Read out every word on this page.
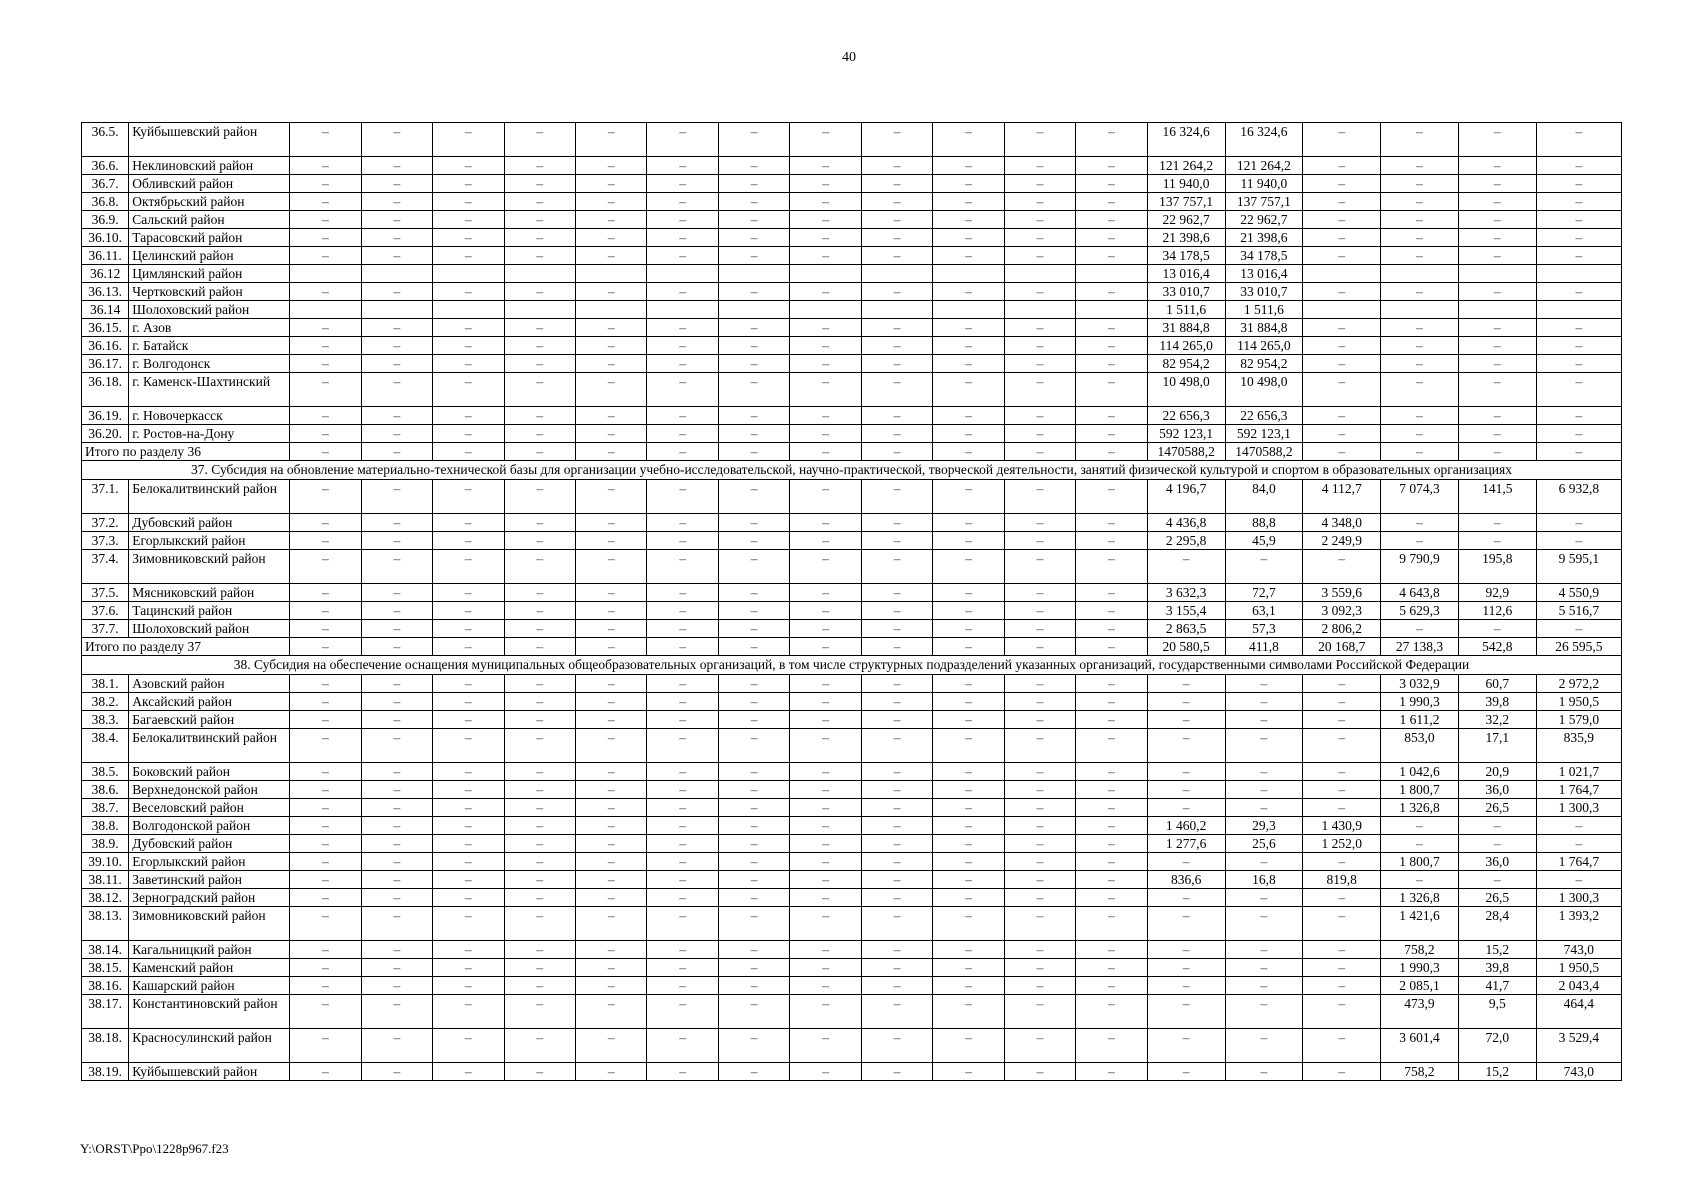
40
36.5.	Куйбышевский район	–	–	–	–	–	–	–	–	–	–	–	–	16 324,6	16 324,6	–	–	–	–
36.6.	Неклиновский район	–	–	–	–	–	–	–	–	–	–	–	–	121 264,2	121 264,2	–	–	–	–
36.7.	Обливский район	–	–	–	–	–	–	–	–	–	–	–	–	11 940,0	11 940,0	–	–	–	–
36.8.	Октябрьский район	–	–	–	–	–	–	–	–	–	–	–	–	137 757,1	137 757,1	–	–	–	–
36.9.	Сальский район	–	–	–	–	–	–	–	–	–	–	–	–	22 962,7	22 962,7	–	–	–	–
36.10.	Тарасовский район	–	–	–	–	–	–	–	–	–	–	–	–	21 398,6	21 398,6	–	–	–	–
36.11.	Целинский район	–	–	–	–	–	–	–	–	–	–	–	–	34 178,5	34 178,5	–	–	–	–
36.12	Цимлянский район													13 016,4	13 016,4				
36.13.	Чертковский район	–	–	–	–	–	–	–	–	–	–	–	–	33 010,7	33 010,7	–	–	–	–
36.14	Шолоховский район													1 511,6	1 511,6				
36.15.	г. Азов	–	–	–	–	–	–	–	–	–	–	–	–	31 884,8	31 884,8	–	–	–	–
36.16.	г. Батайск	–	–	–	–	–	–	–	–	–	–	–	–	114 265,0	114 265,0	–	–	–	–
36.17.	г. Волгодонск	–	–	–	–	–	–	–	–	–	–	–	–	82 954,2	82 954,2	–	–	–	–
36.18.	г. Каменск-Шахтинский	–	–	–	–	–	–	–	–	–	–	–	–	10 498,0	10 498,0	–	–	–	–
36.19.	г. Новочеркасск	–	–	–	–	–	–	–	–	–	–	–	–	22 656,3	22 656,3	–	–	–	–
36.20.	г. Ростов-на-Дону	–	–	–	–	–	–	–	–	–	–	–	–	592 123,1	592 123,1	–	–	–	–
Итого по разделу 36		–	–	–	–	–	–	–	–	–	–	–	–	1470588,2	1470588,2	–	–	–	–
37. Субсидия на обновление материально-технической базы для организации учебно-исследовательской, научно-практической, творческой деятельности, занятий физической культурой и спортом в образовательных организациях																			
37.1.	Белокалитвинский район	–	–	–	–	–	–	–	–	–	–	–	–	4 196,7	84,0	4 112,7	7 074,3	141,5	6 932,8
37.2.	Дубовский район	–	–	–	–	–	–	–	–	–	–	–	–	4 436,8	88,8	4 348,0	–	–	–
37.3.	Егорлыкский район	–	–	–	–	–	–	–	–	–	–	–	–	2 295,8	45,9	2 249,9	–	–	–
37.4.	Зимовниковский район	–	–	–	–	–	–	–	–	–	–	–	–	–	–	–	9 790,9	195,8	9 595,1
37.5.	Мясниковский район	–	–	–	–	–	–	–	–	–	–	–	–	3 632,3	72,7	3 559,6	4 643,8	92,9	4 550,9
37.6.	Тацинский район	–	–	–	–	–	–	–	–	–	–	–	–	3 155,4	63,1	3 092,3	5 629,3	112,6	5 516,7
37.7.	Шолоховский район	–	–	–	–	–	–	–	–	–	–	–	–	2 863,5	57,3	2 806,2	–	–	–
Итого по разделу 37		–	–	–	–	–	–	–	–	–	–	–	–	20 580,5	411,8	20 168,7	27 138,3	542,8	26 595,5
38. Субсидия на обеспечение оснащения муниципальных общеобразовательных организаций, в том числе структурных подразделений указанных организаций, государственными символами Российской Федерации																			
38.1.	Азовский район	–	–	–	–	–	–	–	–	–	–	–	–	–	–	–	3 032,9	60,7	2 972,2
38.2.	Аксайский район	–	–	–	–	–	–	–	–	–	–	–	–	–	–	–	1 990,3	39,8	1 950,5
38.3.	Багаевский район	–	–	–	–	–	–	–	–	–	–	–	–	–	–	–	1 611,2	32,2	1 579,0
38.4.	Белокалитвинский район	–	–	–	–	–	–	–	–	–	–	–	–	–	–	–	853,0	17,1	835,9
38.5.	Боковский район	–	–	–	–	–	–	–	–	–	–	–	–	–	–	–	1 042,6	20,9	1 021,7
38.6.	Верхнедонской район	–	–	–	–	–	–	–	–	–	–	–	–	–	–	–	1 800,7	36,0	1 764,7
38.7.	Веселовский район	–	–	–	–	–	–	–	–	–	–	–	–	–	–	–	1 326,8	26,5	1 300,3
38.8.	Волгодонской район	–	–	–	–	–	–	–	–	–	–	–	–	1 460,2	29,3	1 430,9	–	–	–
38.9.	Дубовский район	–	–	–	–	–	–	–	–	–	–	–	–	1 277,6	25,6	1 252,0	–	–	–
39.10.	Егорлыкский район	–	–	–	–	–	–	–	–	–	–	–	–	–	–	–	1 800,7	36,0	1 764,7
38.11.	Заветинский район	–	–	–	–	–	–	–	–	–	–	–	–	836,6	16,8	819,8	–	–	–
38.12.	Зерноградский район	–	–	–	–	–	–	–	–	–	–	–	–	–	–	–	1 326,8	26,5	1 300,3
38.13.	Зимовниковский район	–	–	–	–	–	–	–	–	–	–	–	–	–	–	–	1 421,6	28,4	1 393,2
38.14.	Кагальницкий район	–	–	–	–	–	–	–	–	–	–	–	–	–	–	–	758,2	15,2	743,0
38.15.	Каменский район	–	–	–	–	–	–	–	–	–	–	–	–	–	–	–	1 990,3	39,8	1 950,5
38.16.	Кашарский район	–	–	–	–	–	–	–	–	–	–	–	–	–	–	–	2 085,1	41,7	2 043,4
38.17.	Константиновский район	–	–	–	–	–	–	–	–	–	–	–	–	–	–	–	473,9	9,5	464,4
38.18.	Красносулинский район	–	–	–	–	–	–	–	–	–	–	–	–	–	–	–	3 601,4	72,0	3 529,4
38.19.	Куйбышевский район	–	–	–	–	–	–	–	–	–	–	–	–	–	–	–	758,2	15,2	743,0
Y:\ORST\Ppo\1228p967.f23
